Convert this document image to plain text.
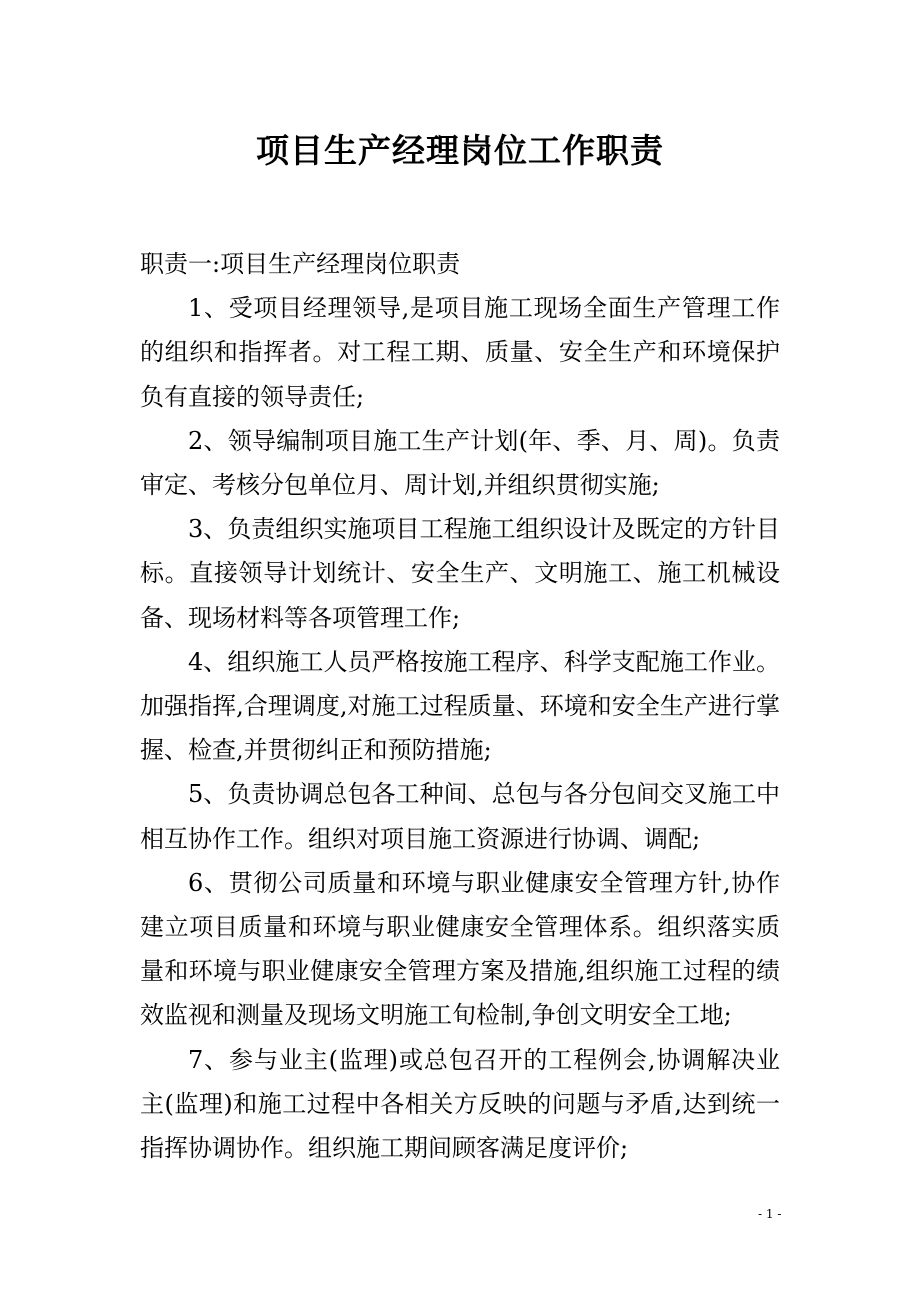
项目生产经理岗位工作职责

职责一:项目生产经理岗位职责

1、受项目经理领导,是项目施工现场全面生产管理工作的组织和指挥者。对工程工期、质量、安全生产和环境保护负有直接的领导责任;

2、领导编制项目施工生产计划(年、季、月、周)。负责审定、考核分包单位月、周计划,并组织贯彻实施;

3、负责组织实施项目工程施工组织设计及既定的方针目标。直接领导计划统计、安全生产、文明施工、施工机械设备、现场材料等各项管理工作;

4、组织施工人员严格按施工程序、科学支配施工作业。加强指挥,合理调度,对施工过程质量、环境和安全生产进行掌握、检查,并贯彻纠正和预防措施;

5、负责协调总包各工种间、总包与各分包间交叉施工中相互协作工作。组织对项目施工资源进行协调、调配;

6、贯彻公司质量和环境与职业健康安全管理方针,协作建立项目质量和环境与职业健康安全管理体系。组织落实质量和环境与职业健康安全管理方案及措施,组织施工过程的绩效监视和测量及现场文明施工旬检制,争创文明安全工地;

7、参与业主(监理)或总包召开的工程例会,协调解决业主(监理)和施工过程中各相关方反映的问题与矛盾,达到统一指挥协调协作。组织施工期间顾客满足度评价;

- 1 -
